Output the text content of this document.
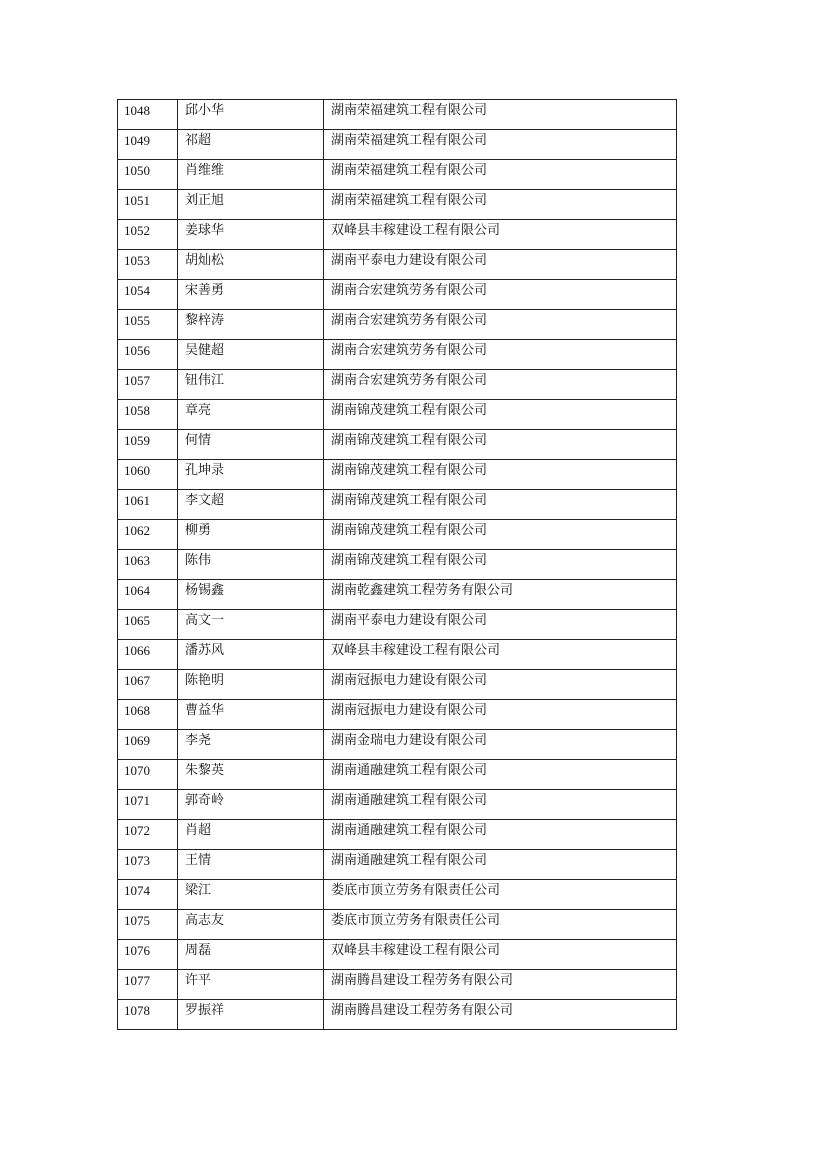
1048	邱小华	湖南荣福建筑工程有限公司

1049	祁超	湖南荣福建筑工程有限公司

1050	肖维维	湖南荣福建筑工程有限公司

1051	刘正旭	湖南荣福建筑工程有限公司

1052	姜球华	双峰县丰稼建设工程有限公司

1053	胡灿松	湖南平泰电力建设有限公司

1054	宋善勇	湖南合宏建筑劳务有限公司

1055	黎梓涛	湖南合宏建筑劳务有限公司

1056	吴健超	湖南合宏建筑劳务有限公司

1057	钮伟江	湖南合宏建筑劳务有限公司

1058	章亮	湖南锦茂建筑工程有限公司

1059	何情	湖南锦茂建筑工程有限公司

1060	孔坤录	湖南锦茂建筑工程有限公司

1061	李文超	湖南锦茂建筑工程有限公司

1062	柳勇	湖南锦茂建筑工程有限公司

1063	陈伟	湖南锦茂建筑工程有限公司

1064	杨锡鑫	湖南乾鑫建筑工程劳务有限公司

1065	高文一	湖南平泰电力建设有限公司

1066	潘苏风	双峰县丰稼建设工程有限公司

1067	陈艳明	湖南冠振电力建设有限公司

1068	曹益华	湖南冠振电力建设有限公司

1069	李尧	湖南金瑞电力建设有限公司

1070	朱黎英	湖南通融建筑工程有限公司

1071	郭奇岭	湖南通融建筑工程有限公司

1072	肖超	湖南通融建筑工程有限公司

1073	王情	湖南通融建筑工程有限公司

1074	梁江	娄底市顶立劳务有限责任公司

1075	高志友	娄底市顶立劳务有限责任公司

1076	周磊	双峰县丰稼建设工程有限公司

1077	许平	湖南腾昌建设工程劳务有限公司

1078	罗振祥	湖南腾昌建设工程劳务有限公司
